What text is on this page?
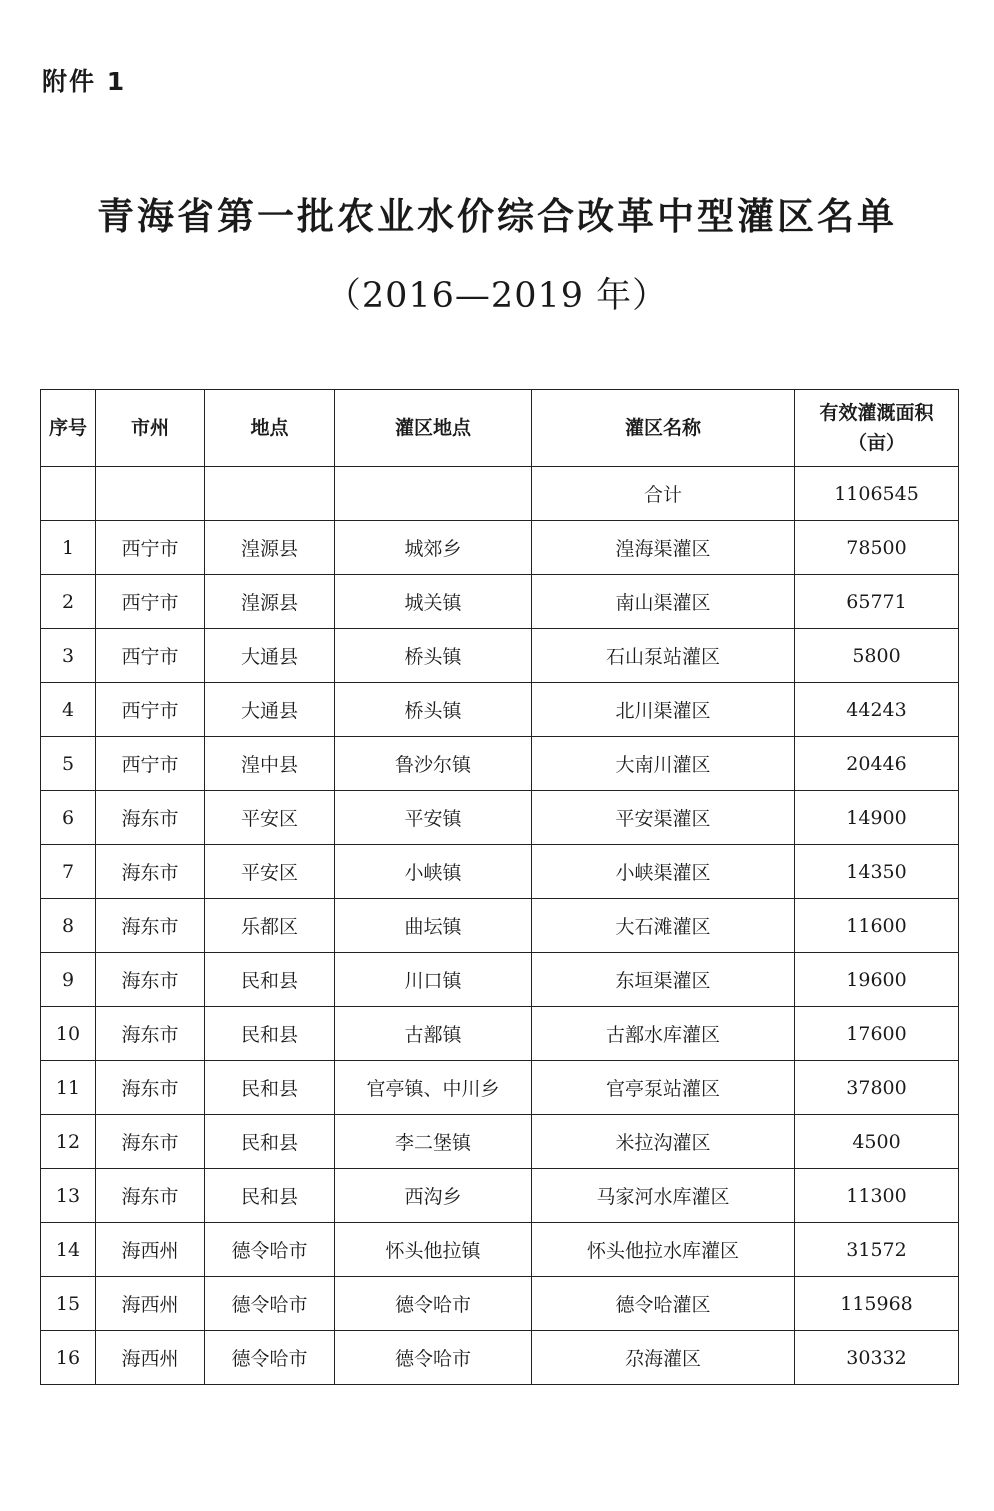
附件 1
青海省第一批农业水价综合改革中型灌区名单
（2016—2019 年）
序号	市州	地点	灌区地点	灌区名称	有效灌溉面积
（亩）

				合计	1106545
1	西宁市	湟源县	城郊乡	湟海渠灌区	78500
2	西宁市	湟源县	城关镇	南山渠灌区	65771
3	西宁市	大通县	桥头镇	石山泵站灌区	5800
4	西宁市	大通县	桥头镇	北川渠灌区	44243
5	西宁市	湟中县	鲁沙尔镇	大南川灌区	20446
6	海东市	平安区	平安镇	平安渠灌区	14900
7	海东市	平安区	小峡镇	小峡渠灌区	14350
8	海东市	乐都区	曲坛镇	大石滩灌区	11600
9	海东市	民和县	川口镇	东垣渠灌区	19600
10	海东市	民和县	古鄯镇	古鄯水库灌区	17600
11	海东市	民和县	官亭镇、中川乡	官亭泵站灌区	37800
12	海东市	民和县	李二堡镇	米拉沟灌区	4500
13	海东市	民和县	西沟乡	马家河水库灌区	11300
14	海西州	德令哈市	怀头他拉镇	怀头他拉水库灌区	31572
15	海西州	德令哈市	德令哈市	德令哈灌区	115968
16	海西州	德令哈市	德令哈市	尕海灌区	30332
